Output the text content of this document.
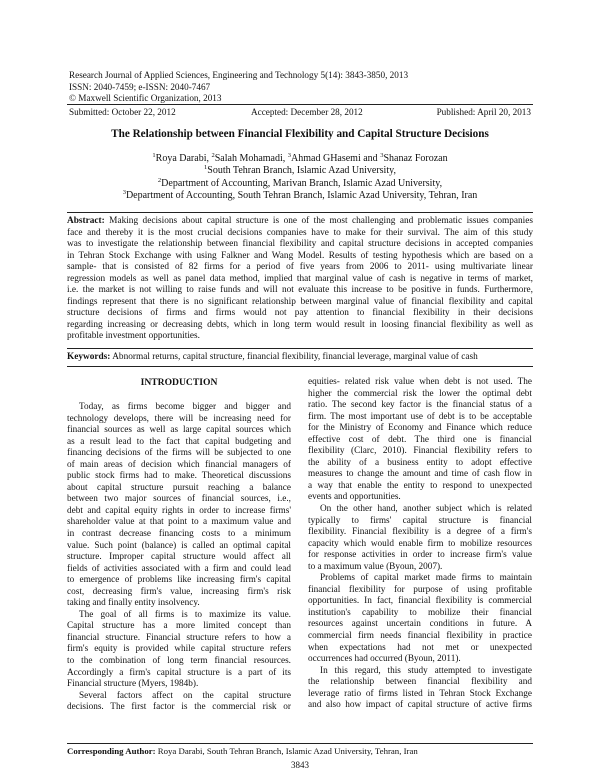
Research Journal of Applied Sciences, Engineering and Technology 5(14): 3843-3850, 2013
ISSN: 2040-7459; e-ISSN: 2040-7467
© Maxwell Scientific Organization, 2013
Submitted: October 22, 2012	Accepted: December 28, 2012	Published: April 20, 2013
The Relationship between Financial Flexibility and Capital Structure Decisions
$^1$Roya Darabi, $^2$Salah Mohamadi, $^3$Ahmad GHasemi and $^3$Shanaz Forozan
$^1$South Tehran Branch, Islamic Azad University,
$^2$Department of Accounting, Marivan Branch, Islamic Azad University,
$^3$Department of Accounting, South Tehran Branch, Islamic Azad University, Tehran, Iran
Abstract: Making decisions about capital structure is one of the most challenging and problematic issues companies
face and thereby it is the most crucial decisions companies have to make for their survival. The aim of this study
was to investigate the relationship between financial flexibility and capital structure decisions in accepted companies
in Tehran Stock Exchange with using Falkner and Wang Model. Results of testing hypothesis which are based on a
sample- that is consisted of 82 firms for a period of five years from 2006 to 2011- using multivariate linear
regression models as well as panel data method, implied that marginal value of cash is negative in terms of market,
i.e. the market is not willing to raise funds and will not evaluate this increase to be positive in funds. Furthermore,
findings represent that there is no significant relationship between marginal value of financial flexibility and capital
structure decisions of firms and firms would not pay attention to financial flexibility in their decisions
regarding increasing or decreasing debts, which in long term would result in loosing financial flexibility as well as
profitable investment opportunities.
Keywords: Abnormal returns, capital structure, financial flexibility, financial leverage, marginal value of cash
INTRODUCTION
Today, as firms become bigger and bigger and
technology develops, there will be increasing need for
financial sources as well as large capital sources which
as a result lead to the fact that capital budgeting and
financing decisions of the firms will be subjected to one
of main areas of decision which financial managers of
public stock firms had to make. Theoretical discussions
about capital structure pursuit reaching a balance
between two major sources of financial sources, i.e.,
debt and capital equity rights in order to increase firms'
shareholder value at that point to a maximum value and
in contrast decrease financing costs to a minimum
value. Such point (balance) is called an optimal capital
structure. Improper capital structure would affect all
fields of activities associated with a firm and could lead
to emergence of problems like increasing firm's capital
cost, decreasing firm's value, increasing firm's risk
taking and finally entity insolvency.
The goal of all firms is to maximize its value.
Capital structure has a more limited concept than
financial structure. Financial structure refers to how a
firm's equity is provided while capital structure refers
to the combination of long term financial resources.
Accordingly a firm's capital structure is a part of its
Financial structure (Myers, 1984b).
Several factors affect on the capital structure
decisions. The first factor is the commercial risk or
equities- related risk value when debt is not used. The
higher the commercial risk the lower the optimal debt
ratio. The second key factor is the financial status of a
firm. The most important use of debt is to be acceptable
for the Ministry of Economy and Finance which reduce
effective cost of debt. The third one is financial
flexibility (Clarc, 2010). Financial flexibility refers to
the ability of a business entity to adopt effective
measures to change the amount and time of cash flow in
a way that enable the entity to respond to unexpected
events and opportunities.
On the other hand, another subject which is related
typically to firms' capital structure is financial
flexibility. Financial flexibility is a degree of a firm's
capacity which would enable firm to mobilize resources
for response activities in order to increase firm's value
to a maximum value (Byoun, 2007).
Problems of capital market made firms to maintain
financial flexibility for purpose of using profitable
opportunities. In fact, financial flexibility is commercial
institution's capability to mobilize their financial
resources against uncertain conditions in future. A
commercial firm needs financial flexibility in practice
when expectations had not met or unexpected
occurrences had occurred (Byoun, 2011).
In this regard, this study attempted to investigate
the relationship between financial flexibility and
leverage ratio of firms listed in Tehran Stock Exchange
and also how impact of capital structure of active firms
Corresponding Author: Roya Darabi, South Tehran Branch, Islamic Azad University, Tehran, Iran
3843
